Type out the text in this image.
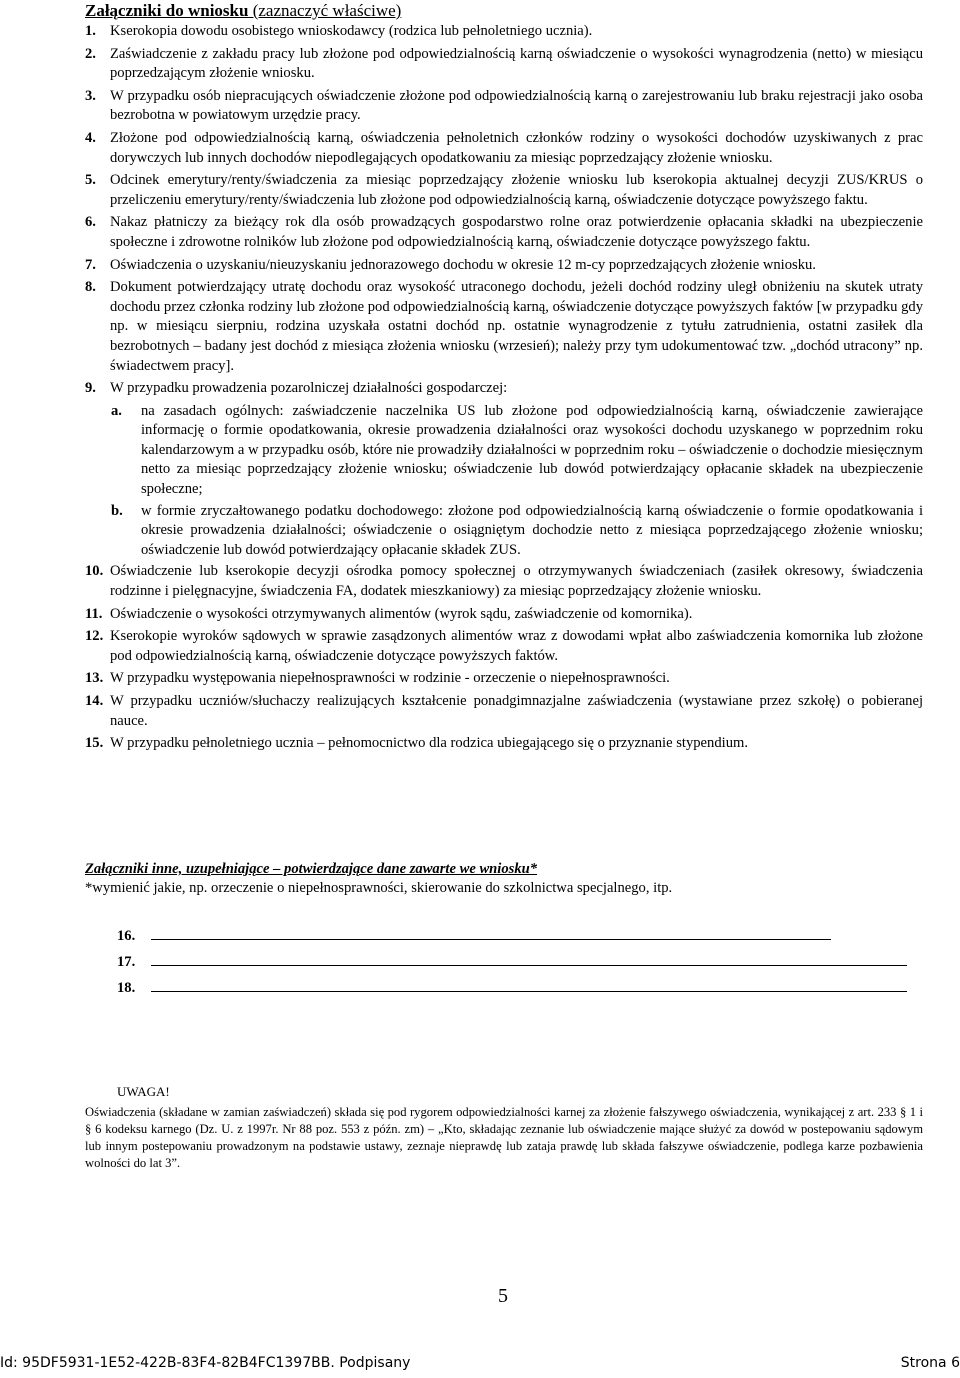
Załączniki do wniosku (zaznaczyć właściwe)
1. Kserokopia dowodu osobistego wnioskodawcy (rodzica lub pełnoletniego ucznia).
2. Zaświadczenie z zakładu pracy lub złożone pod odpowiedzialnością karną oświadczenie o wysokości wynagrodzenia (netto) w miesiącu poprzedzającym złożenie wniosku.
3. W przypadku osób niepracujących oświadczenie złożone pod odpowiedzialnością karną o zarejestrowaniu lub braku rejestracji jako osoba bezrobotna w powiatowym urzędzie pracy.
4. Złożone pod odpowiedzialnością karną, oświadczenia pełnoletnich członków rodziny o wysokości dochodów uzyskiwanych z prac dorywczych lub innych dochodów niepodlegających opodatkowaniu za miesiąc poprzedzający złożenie wniosku.
5. Odcinek emerytury/renty/świadczenia za miesiąc poprzedzający złożenie wniosku lub kserokopia aktualnej decyzji ZUS/KRUS o przeliczeniu emerytury/renty/świadczenia lub złożone pod odpowiedzialnością karną, oświadczenie dotyczące powyższego faktu.
6. Nakaz płatniczy za bieżący rok dla osób prowadzących gospodarstwo rolne oraz potwierdzenie opłacania składki na ubezpieczenie społeczne i zdrowotne rolników lub złożone pod odpowiedzialnością karną, oświadczenie dotyczące powyższego faktu.
7. Oświadczenia o uzyskaniu/nieuzyskaniu jednorazowego dochodu w okresie 12 m-cy poprzedzających złożenie wniosku.
8. Dokument potwierdzający utratę dochodu oraz wysokość utraconego dochodu, jeżeli dochód rodziny uległ obniżeniu na skutek utraty dochodu przez członka rodziny lub złożone pod odpowiedzialnością karną, oświadczenie dotyczące powyższych faktów [w przypadku gdy np. w miesiącu sierpniu, rodzina uzyskała ostatni dochód np. ostatnie wynagrodzenie z tytułu zatrudnienia, ostatni zasiłek dla bezrobotnych – badany jest dochód z miesiąca złożenia wniosku (wrzesień); należy przy tym udokumentować tzw. „dochód utracony” np. świadectwem pracy].
9. W przypadku prowadzenia pozarolniczej działalności gospodarczej:
a.	na zasadach ogólnych: zaświadczenie naczelnika US lub złożone pod odpowiedzialnością karną, oświadczenie zawierające informację o formie opodatkowania, okresie prowadzenia działalności oraz wysokości dochodu uzyskanego w poprzednim roku kalendarzowym a w przypadku osób, które nie prowadziły działalności w poprzednim roku – oświadczenie o dochodzie miesięcznym netto za miesiąc poprzedzający złożenie wniosku; oświadczenie lub dowód potwierdzający opłacanie składek na ubezpieczenie społeczne;
b.	w formie zryczałtowanego podatku dochodowego: złożone pod odpowiedzialnością karną oświadczenie o formie opodatkowania i okresie prowadzenia działalności; oświadczenie o osiągniętym dochodzie netto z miesiąca poprzedzającego złożenie wniosku; oświadczenie lub dowód potwierdzający opłacanie składek ZUS.
10. Oświadczenie lub kserokopie decyzji ośrodka pomocy społecznej o otrzymywanych świadczeniach (zasiłek okresowy, świadczenia rodzinne i pielęgnacyjne, świadczenia FA, dodatek mieszkaniowy) za miesiąc poprzedzający złożenie wniosku.
11. Oświadczenie o wysokości otrzymywanych alimentów (wyrok sądu, zaświadczenie od komornika).
12. Kserokopie wyroków sądowych w sprawie zasądzonych alimentów wraz z dowodami wpłat albo zaświadczenia komornika lub złożone pod odpowiedzialnością karną, oświadczenie dotyczące powyższych faktów.
13. W przypadku występowania niepełnosprawności w rodzinie - orzeczenie o niepełnosprawności.
14. W przypadku uczniów/słuchaczy realizujących kształcenie ponadgimnazjalne zaświadczenia (wystawiane przez szkołę) o pobieranej nauce.
15. W przypadku pełnoletniego ucznia – pełnomocnictwo dla rodzica ubiegającego się o przyznanie stypendium.
Załączniki inne, uzupełniające – potwierdzające dane zawarte we wniosku*
*wymienić jakie, np. orzeczenie o niepełnosprawności, skierowanie do szkolnictwa specjalnego, itp.
16.
17.
18.
UWAGA!
Oświadczenia (składane w zamian zaświadczeń) składa się pod rygorem odpowiedzialności karnej za złożenie fałszywego oświadczenia, wynikającej z art. 233 § 1 i § 6 kodeksu karnego (Dz. U. z 1997r. Nr 88 poz. 553 z późn. zm) – „Kto, składając zeznanie lub oświadczenie mające służyć za dowód w postepowaniu sądowym lub innym postepowaniu prowadzonym na podstawie ustawy, zeznaje nieprawdę lub zataja prawdę lub składa fałszywe oświadczenie, podlega karze pozbawienia wolności do lat 3”.
5
Id: 95DF5931-1E52-422B-83F4-82B4FC1397BB. Podpisany	Strona 6
